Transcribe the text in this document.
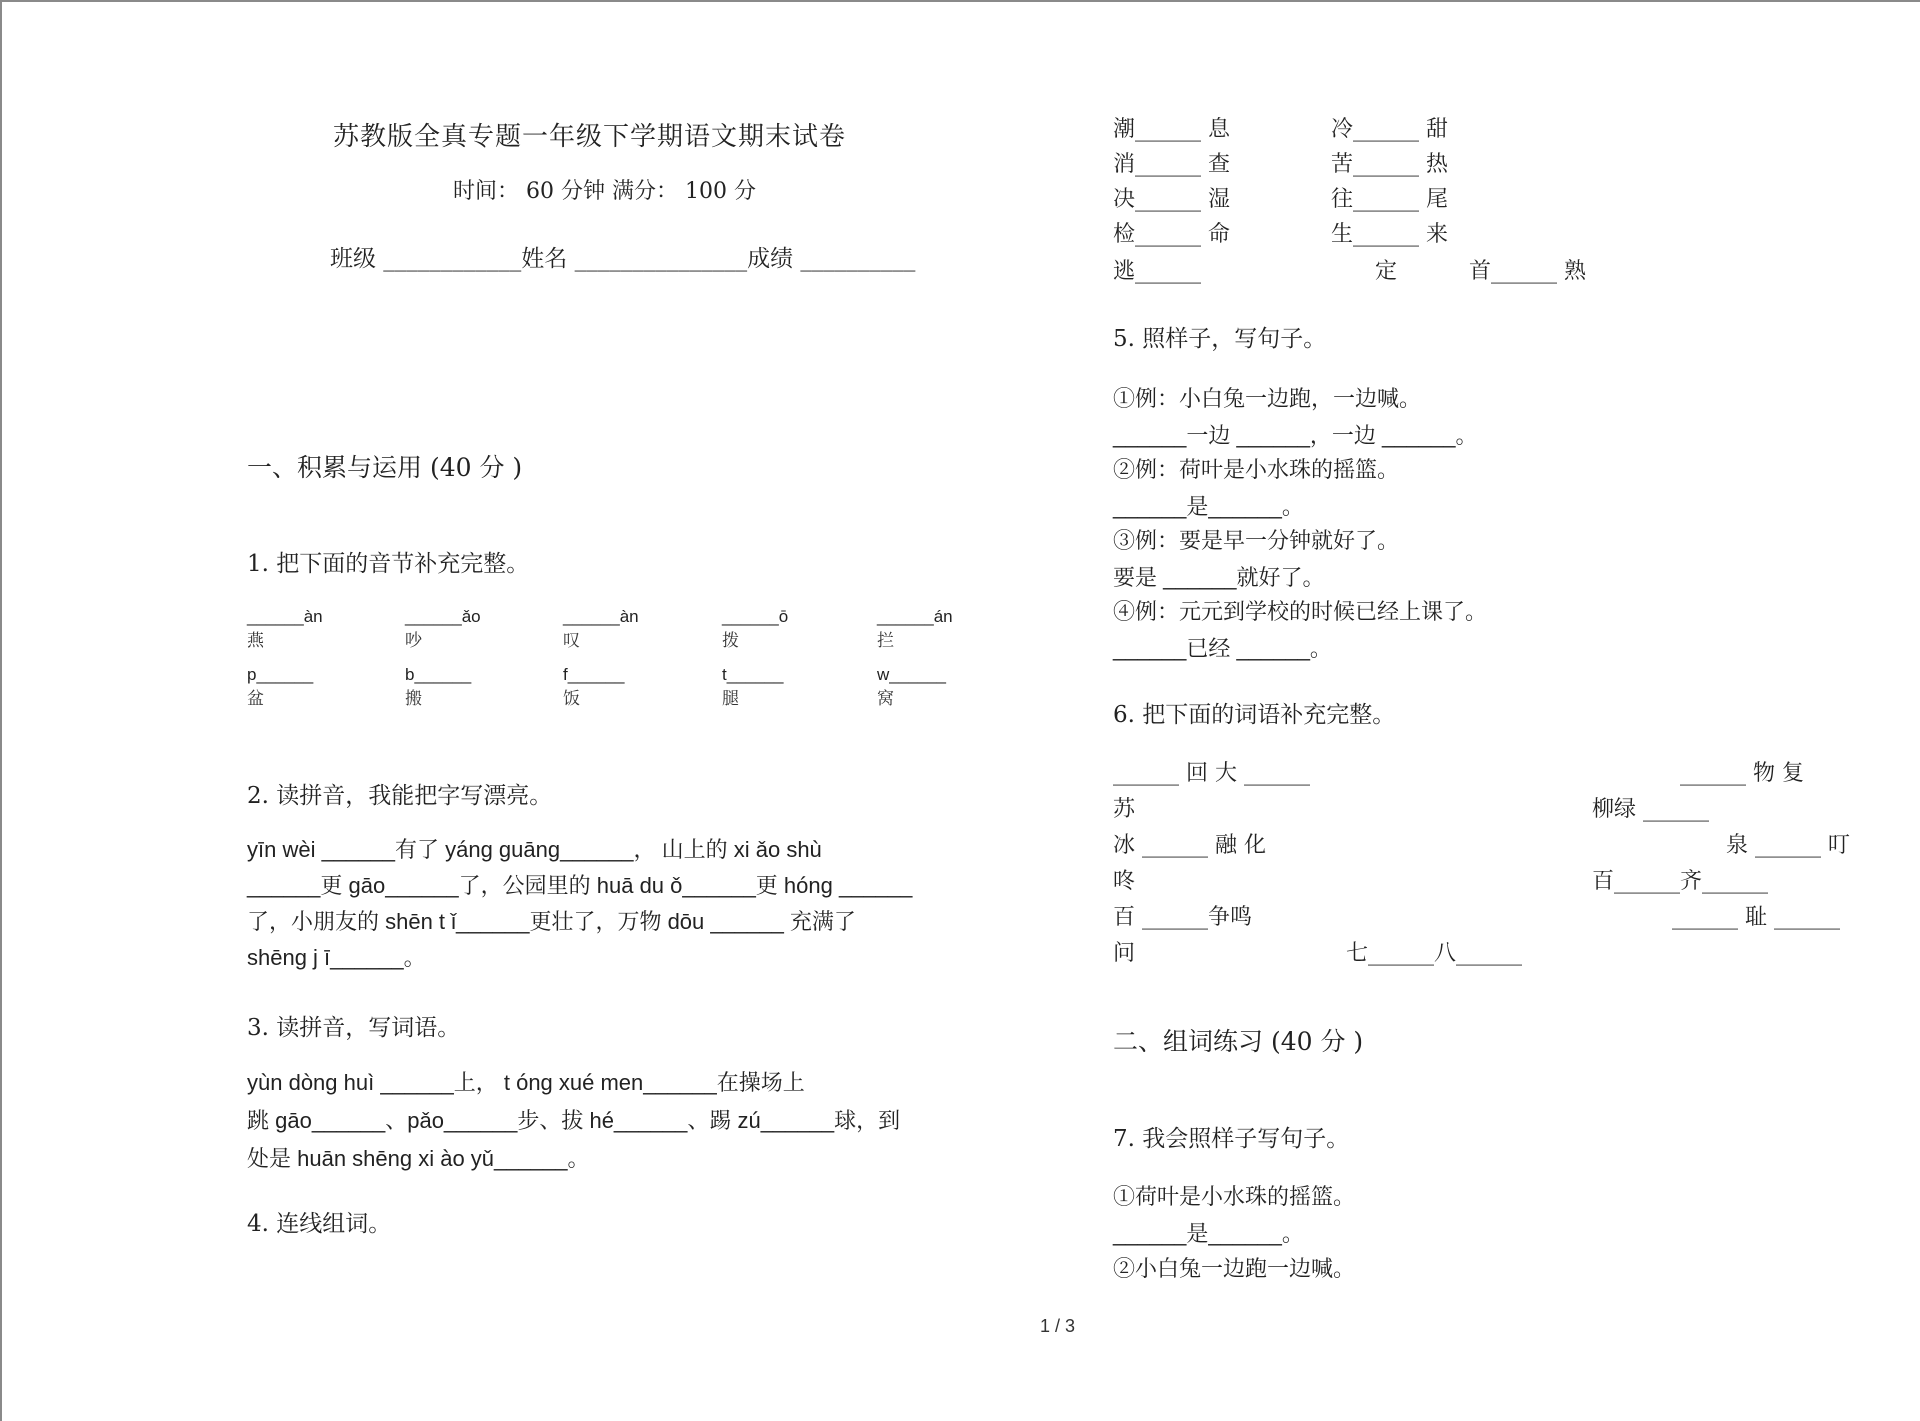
苏教版全真专题一年级下学期语文期末试卷
时间： 60 分钟 满分： 100 分
班级 ____________姓名 _______________成绩 __________
一、积累与运用 (40 分 )
1. 把下面的音节补充完整。
______àn
燕
______ǎo
吵
______àn
叹
______ō
拨
______án
拦
p______
盆
b______
搬
f______
饭
t______
腿
w______
窝
2. 读拼音，我能把字写漂亮。
yīn wèi ______有了 yáng guāng______， 山上的 xi ǎo shù
______更 gāo______了，公园里的 huā du ǒ______更 hóng ______
了，小朋友的 shēn t ǐ______更壮了，万物 dōu ______ 充满了
shēng j ī______。
3. 读拼音，写词语。
yùn dòng huì ______上， t óng xué men______在操场上
跳 gāo______、pǎo______步、拔 hé______、踢 zú______球，到
处是 huān shēng xi ào yǔ______。
4. 连线组词。
潮______ 息	冷______ 甜
消______ 查	苦______ 热
决______ 湿	往______ 尾
检______ 命	生______ 来
逃______	定	首______ 熟
5. 照样子，写句子。
①例：小白兔一边跑，一边喊。
______一边 ______，一边 ______。
②例：荷叶是小水珠的摇篮。
______是______。
③例：要是早一分钟就好了。
要是 ______就好了。
④例：元元到学校的时候已经上课了。
______已经 ______。
6. 把下面的词语补充完整。
______ 回 大 ______	______ 物 复
苏	柳绿 ______
冰 ______ 融 化	泉 ______ 叮
咚	百______齐______
百 ______争鸣	______ 耻 ______
问	七______八______
二、组词练习 (40 分 )
7. 我会照样子写句子。
①荷叶是小水珠的摇篮。
______是______。
②小白兔一边跑一边喊。
1 / 3
